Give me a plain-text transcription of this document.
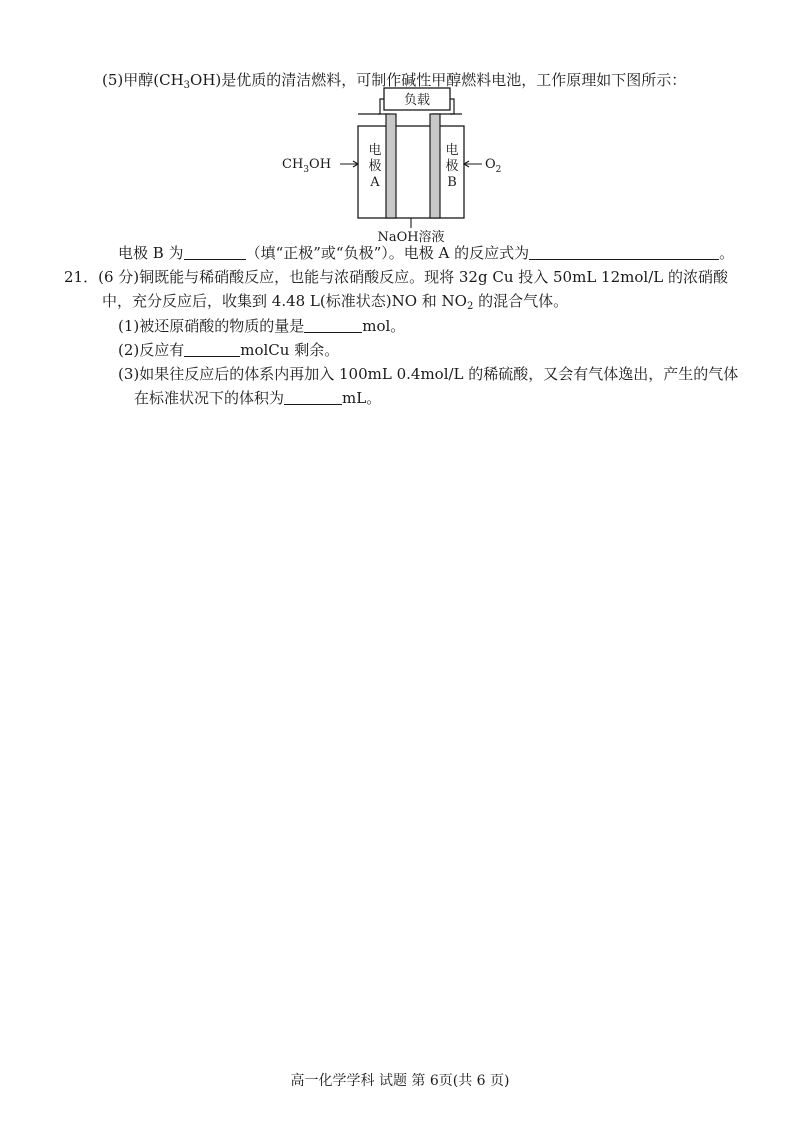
(5)甲醇$(CH_3OH)$是优质的清洁燃料，可制作碱性甲醇燃料电池，工作原理如下图所示：
负载
电
极
A
电
极
B
$CH_3OH$	$O_2$
NaOH溶液
电极 B 为	（填“正极”或“负极”）。电极 A 的反应式为	。
21．(6 分)铜既能与稀硝酸反应，也能与浓硝酸反应。现将 32g Cu 投入 50mL 12mol/L 的浓硝酸
中，充分反应后，收集到 4.48 L(标准状态)NO 和 $NO_2$ 的混合气体。
(1)被还原硝酸的物质的量是	mol。
(2)反应有	molCu 剩余。
(3)如果往反应后的体系内再加入 100mL 0.4mol/L 的稀硫酸，又会有气体逸出，产生的气体
在标准状况下的体积为	mL。
高一化学学科 试题 第 6页(共 6 页)
